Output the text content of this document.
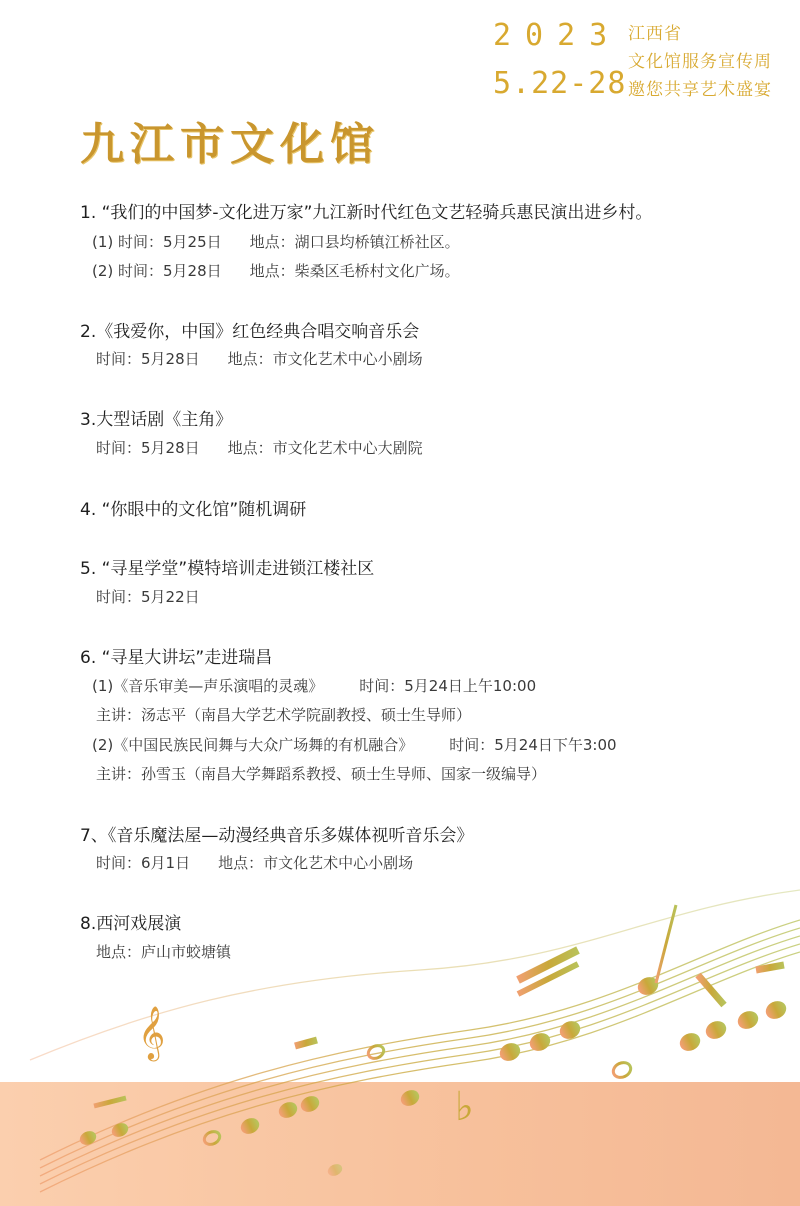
2023
5.22-28
江西省
文化馆服务宣传周
邀您共享艺术盛宴
九江市文化馆
1. “我们的中国梦-文化进万家”九江新时代红色文艺轻骑兵惠民演出进乡村。
(1) 时间：5月25日 地点：湖口县均桥镇江桥社区。
(2) 时间：5月28日 地点：柴桑区毛桥村文化广场。
2.《我爱你，中国》红色经典合唱交响音乐会
时间：5月28日 地点：市文化艺术中心小剧场
3.大型话剧《主角》
时间：5月28日 地点：市文化艺术中心大剧院
4. “你眼中的文化馆”随机调研
5. “寻星学堂”模特培训走进锁江楼社区
时间：5月22日
6. “寻星大讲坛”走进瑞昌
(1)《音乐审美—声乐演唱的灵魂》 时间：5月24日上午10:00
主讲：汤志平（南昌大学艺术学院副教授、硕士生导师）
(2)《中国民族民间舞与大众广场舞的有机融合》 时间：5月24日下午3:00
主讲：孙雪玉（南昌大学舞蹈系教授、硕士生导师、国家一级编导）
7、《音乐魔法屋—动漫经典音乐多媒体视听音乐会》
时间：6月1日 地点：市文化艺术中心小剧场
8.西河戏展演
地点：庐山市蛟塘镇
𝄞
♭
